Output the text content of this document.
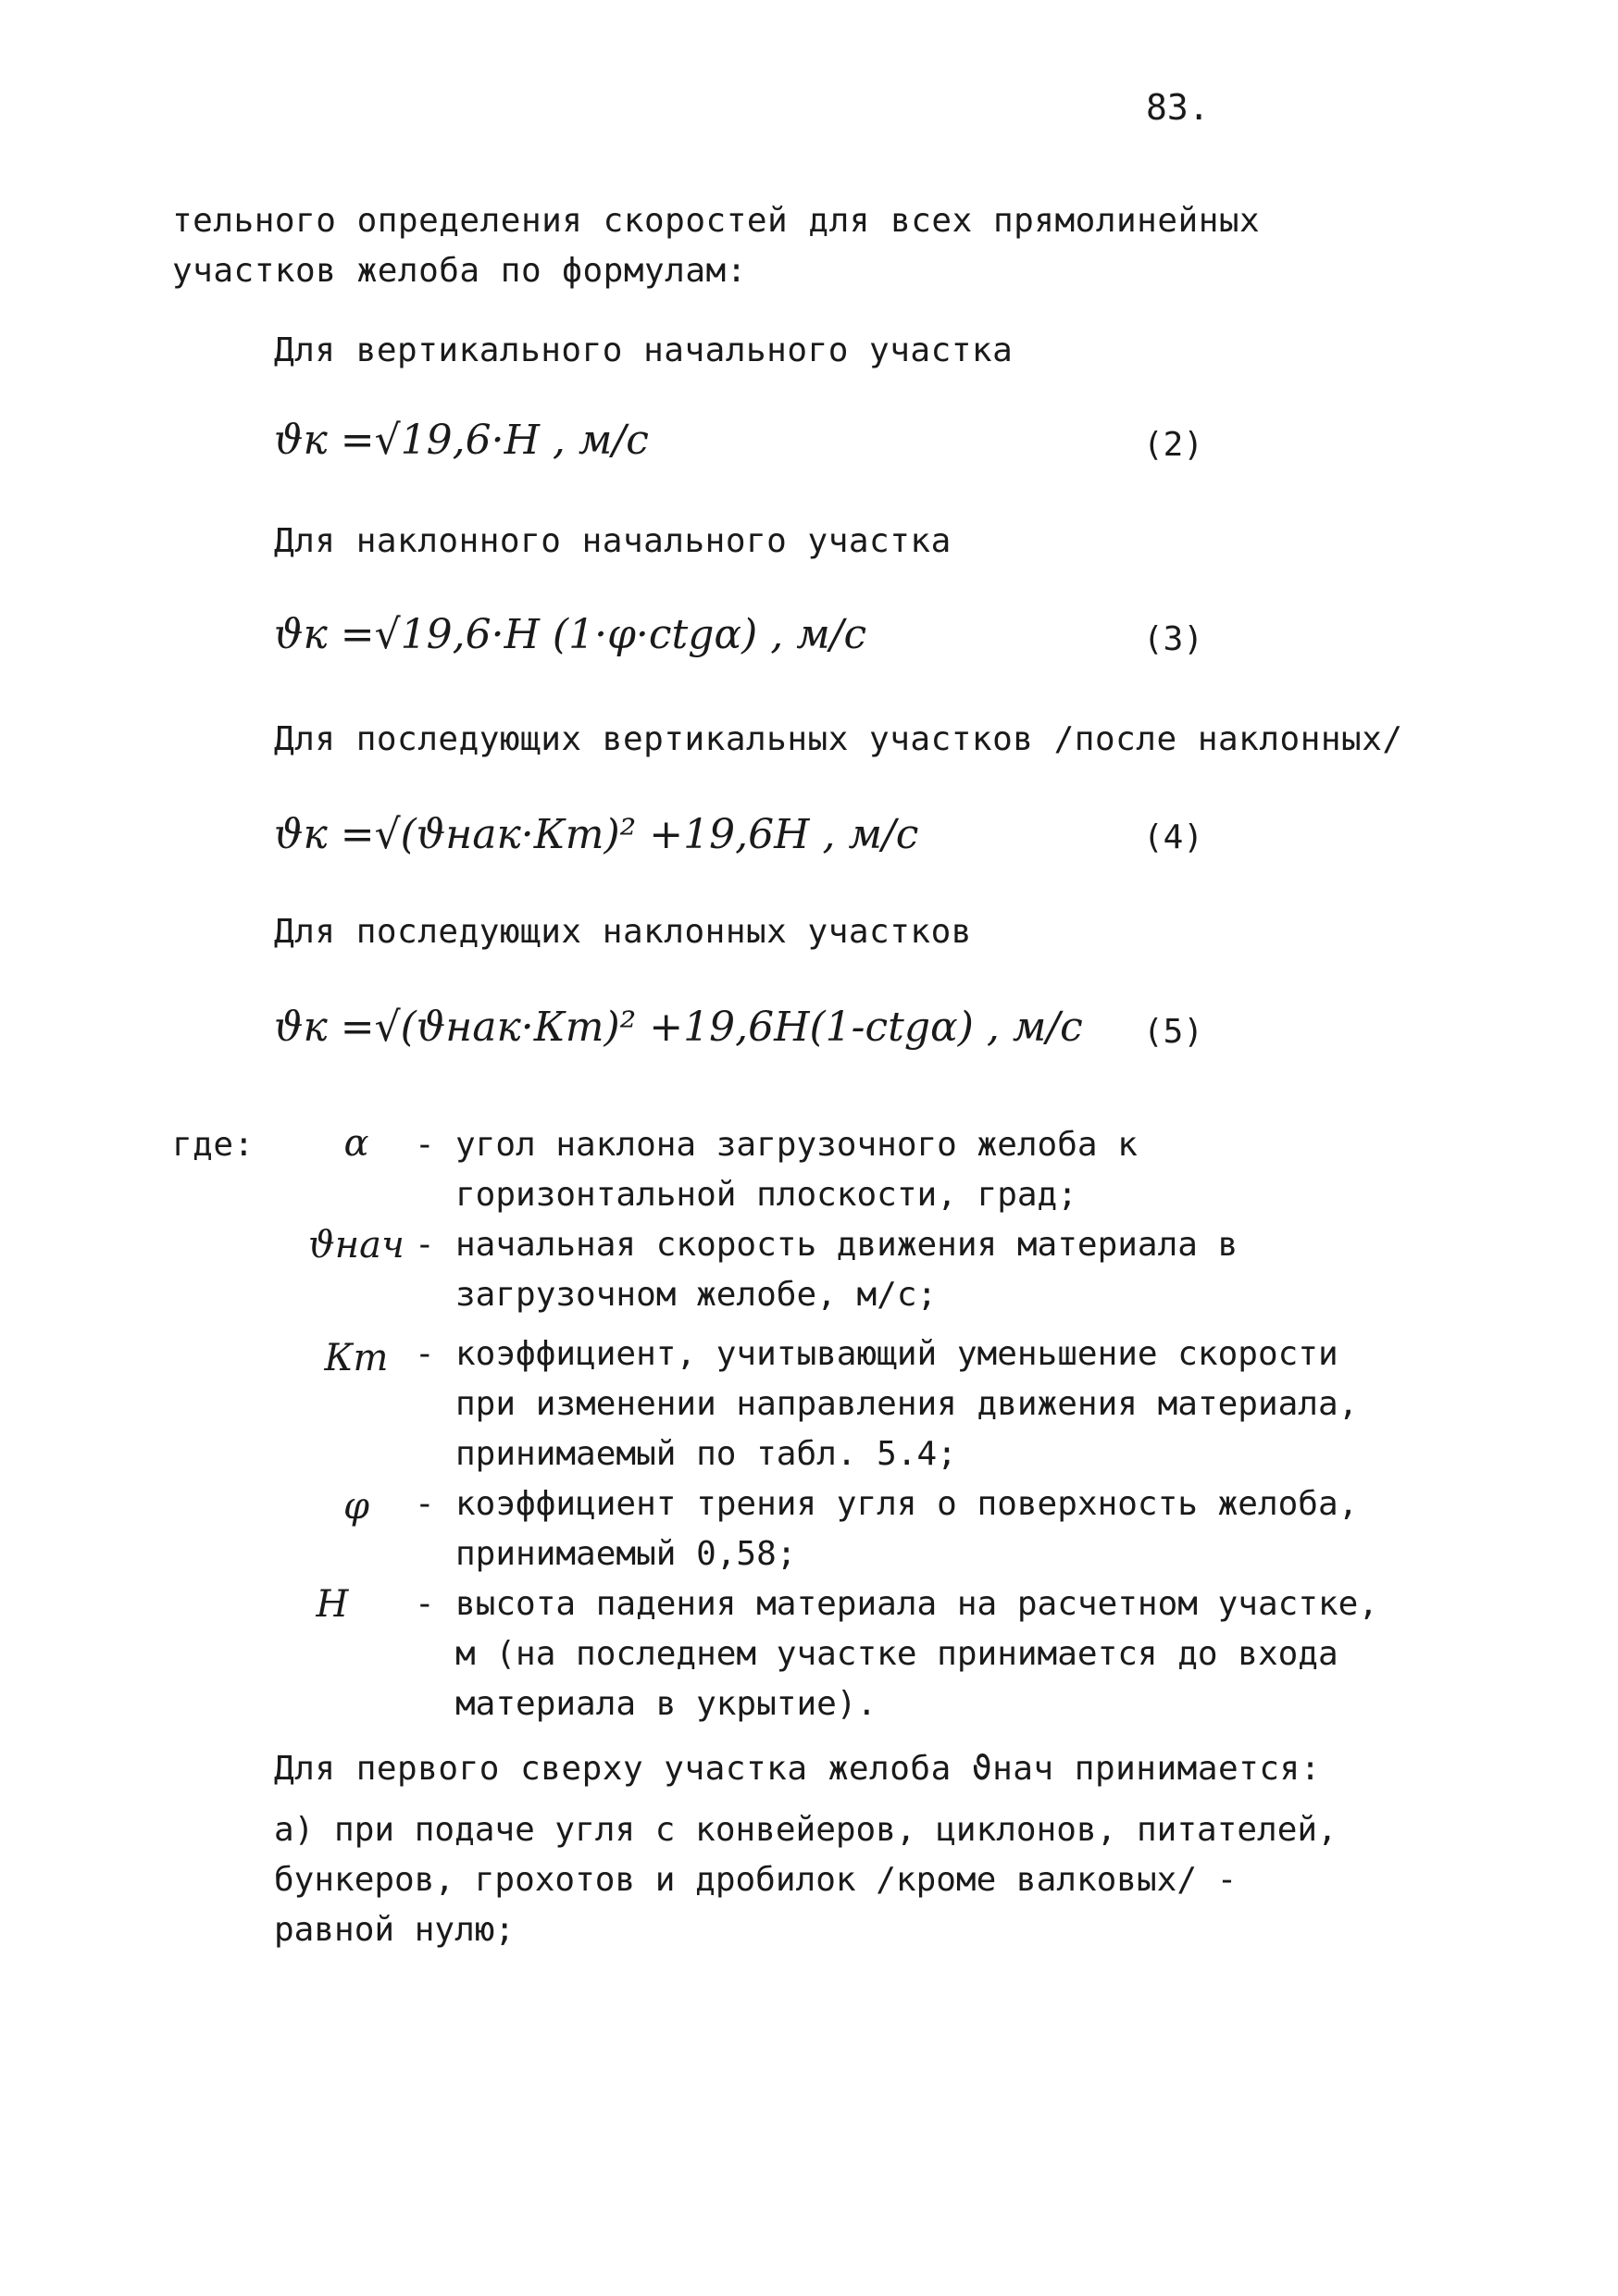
83.
тельного определения скоростей для всех прямолинейных
участков желоба по формулам:
Для вертикального начального участка
ϑк =√19,6·H , м/с	(2)
Для наклонного начального участка
ϑк =√19,6·H (1·φ·ctgα) , м/с	(3)
Для последующих вертикальных участков /после наклонных/
ϑк =√(ϑнак·Кт)² +19,6H , м/с	(4)
Для последующих наклонных участков
ϑк =√(ϑнак·Кт)² +19,6H(1-ctgα) , м/с (5)
где:	α	- угол наклона загрузочного желоба к горизонтальной плоскости, град;
ϑнач - начальная скорость движения материала в загрузочном желобе, м/с;
Кт - коэффициент, учитывающий уменьшение скорости при изменении направления движения материала, принимаемый по табл. 5.4;
φ	- коэффициент трения угля о поверхность желоба, принимаемый 0,58;
H	- высота падения материала на расчетном участке, м (на последнем участке принимается до входа материала в укрытие).
Для первого сверху участка желоба ϑнач принимается:
а) при подаче угля с конвейеров, циклонов, питателей, бункеров, грохотов и дробилок /кроме валковых/ - равной нулю;
